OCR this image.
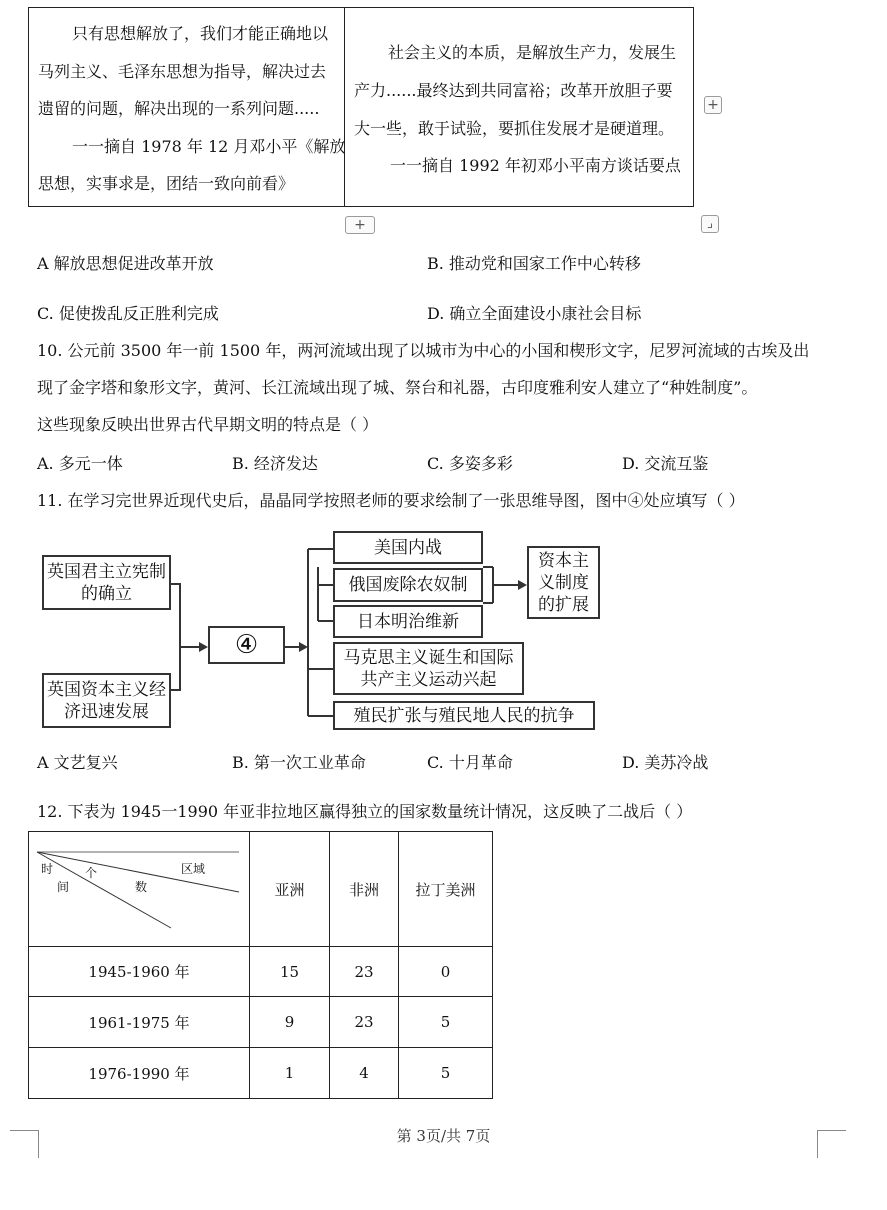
只有思想解放了，我们才能正确地以
马列主义、毛泽东思想为指导，解决过去
遗留的问题，解决出现的一系列问题.....
一一摘自 1978 年 12 月邓小平《解放
思想，实事求是，团结一致向前看》
社会主义的本质，是解放生产力，发展生
产力......最终达到共同富裕；改革开放胆子要
大一些，敢于试验，要抓住发展才是硬道理。
一一摘自 1992 年初邓小平南方谈话要点
+
+	⌟
A 解放思想促进改革开放	B. 推动党和国家工作中心转移
C. 促使拨乱反正胜利完成	D. 确立全面建设小康社会目标
10. 公元前 3500 年一前 1500 年，两河流域出现了以城市为中心的小国和楔形文字，尼罗河流域的古埃及出
现了金字塔和象形文字，黄河、长江流域出现了城、祭台和礼器，古印度雅利安人建立了“种姓制度”。
这些现象反映出世界古代早期文明的特点是（ ）
A. 多元一体	B. 经济发达	C. 多姿多彩	D. 交流互鉴
11. 在学习完世界近现代史后，晶晶同学按照老师的要求绘制了一张思维导图，图中④处应填写（ ）
英国君主立宪制的确立
英国资本主义经济迅速发展
④
美国内战
俄国废除农奴制
日本明治维新
马克思主义诞生和国际共产主义运动兴起
殖民扩张与殖民地人民的抗争
资本主义制度的扩展
A 文艺复兴	B. 第一次工业革命	C. 十月革命	D. 美苏冷战
12. 下表为 1945一1990 年亚非拉地区赢得独立的国家数量统计情况，这反映了二战后（ ）
时
间
个
数
区域	亚洲	非洲	拉丁美洲
1945-1960 年	15	23	0
1961-1975 年	9	23	5
1976-1990 年	1	4	5
第 3页/共 7页
